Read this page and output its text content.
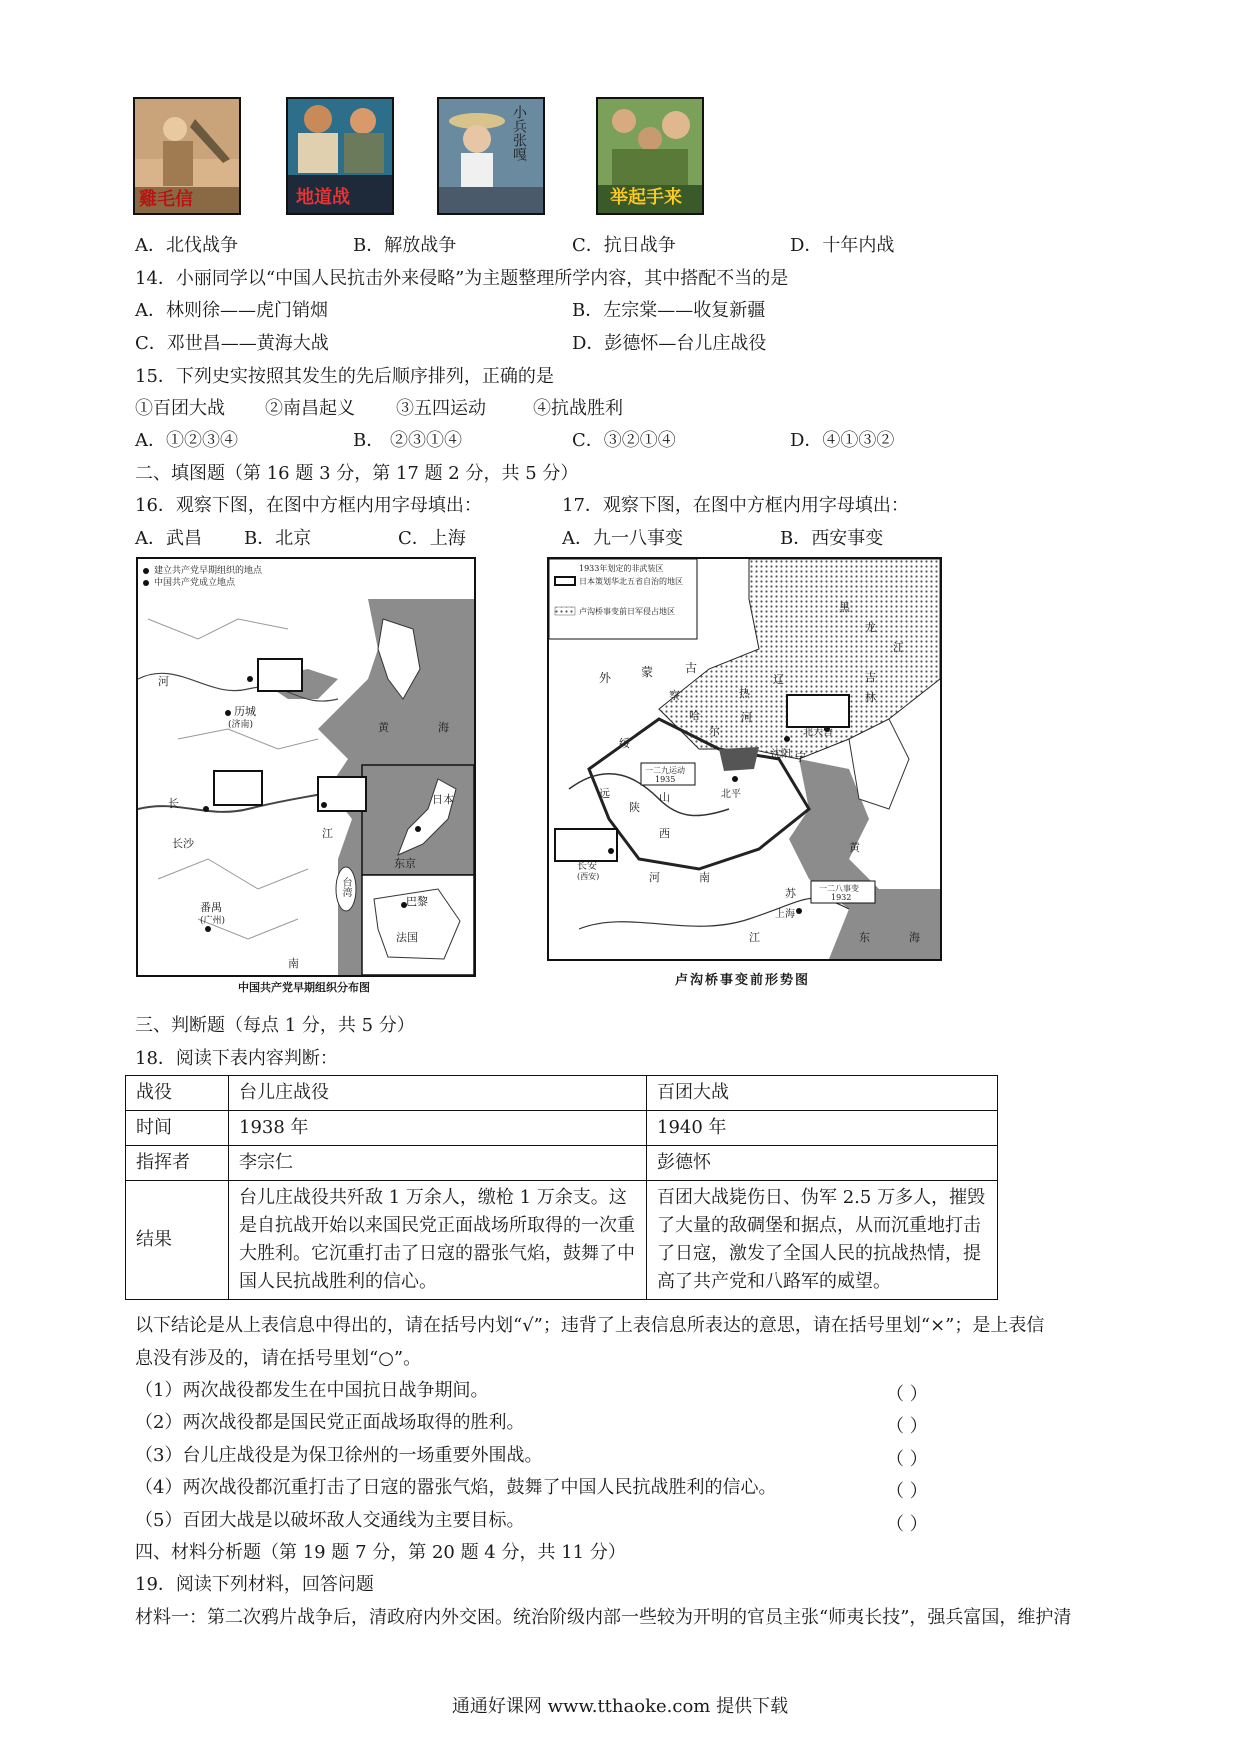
雞毛信	地道战
小兵张嘎
举起手来
A．北伐战争	B．解放战争	C．抗日战争	D．十年内战
14．小丽同学以“中国人民抗击外来侵略”为主题整理所学内容，其中搭配不当的是
A．林则徐——虎门销烟	B．左宗棠——收复新疆
C．邓世昌——黄海大战	D．彭德怀—台儿庄战役
15．下列史实按照其发生的先后顺序排列，正确的是
①百团大战 ②南昌起义 ③五四运动	④抗战胜利
A．①②③④	B． ②③①④	C．③②①④	D．④①③②
二、填图题（第 16 题 3 分，第 17 题 2 分，共 5 分）
16．观察下图，在图中方框内用字母填出：	17．观察下图，在图中方框内用字母填出：
A．武昌 B．北京	C．上海	A．九一八事变	B．西安事变
建立共产党早期组织的地点
中国共产党成立地点
历城
(济南)
长沙
番禺
(广州)
东京
巴黎
法国
日本
台湾
黄	海
南
长
江
河
中国共产党早期组织分布图
1933年划定的非武装区
日本策划华北五省自治的地区
卢沟桥事变前日军侵占地区
外 蒙	古
察
哈
尔
热
河
辽
宁
吉
林
黑
龙
江
绥
远	山
西
陕
北平
沈阳
北大营
长安
(西安)
上海
江
苏
东	海
黄
河	南
一二九运动
1935
一二八事变
1932
卢沟桥事变前形势图
三、判断题（每点 1 分，共 5 分）
18．阅读下表内容判断：
战役	台儿庄战役	百团大战
时间	1938 年	1940 年
指挥者	李宗仁	彭德怀
结果	台儿庄战役共歼敌 1 万余人，缴枪 1 万余支。这是自抗战开始以来国民党正面战场所取得的一次重大胜利。它沉重打击了日寇的嚣张气焰，鼓舞了中国人民抗战胜利的信心。	百团大战毙伤日、伪军 2.5 万多人，摧毁了大量的敌碉堡和据点，从而沉重地打击了日寇，激发了全国人民的抗战热情，提高了共产党和八路军的威望。
以下结论是从上表信息中得出的，请在括号内划“√”；违背了上表信息所表达的意思，请在括号里划“×”；是上表信
息没有涉及的，请在括号里划“○”。
（1）两次战役都发生在中国抗日战争期间。	（ ）
（2）两次战役都是国民党正面战场取得的胜利。	（ ）
（3）台儿庄战役是为保卫徐州的一场重要外围战。	（ ）
（4）两次战役都沉重打击了日寇的嚣张气焰，鼓舞了中国人民抗战胜利的信心。	（ ）
（5）百团大战是以破坏敌人交通线为主要目标。	（ ）
四、材料分析题（第 19 题 7 分，第 20 题 4 分，共 11 分）
19．阅读下列材料，回答问题
材料一：第二次鸦片战争后，清政府内外交困。统治阶级内部一些较为开明的官员主张“师夷长技”，强兵富国，维护清
通通好课网 www.tthaoke.com 提供下载
